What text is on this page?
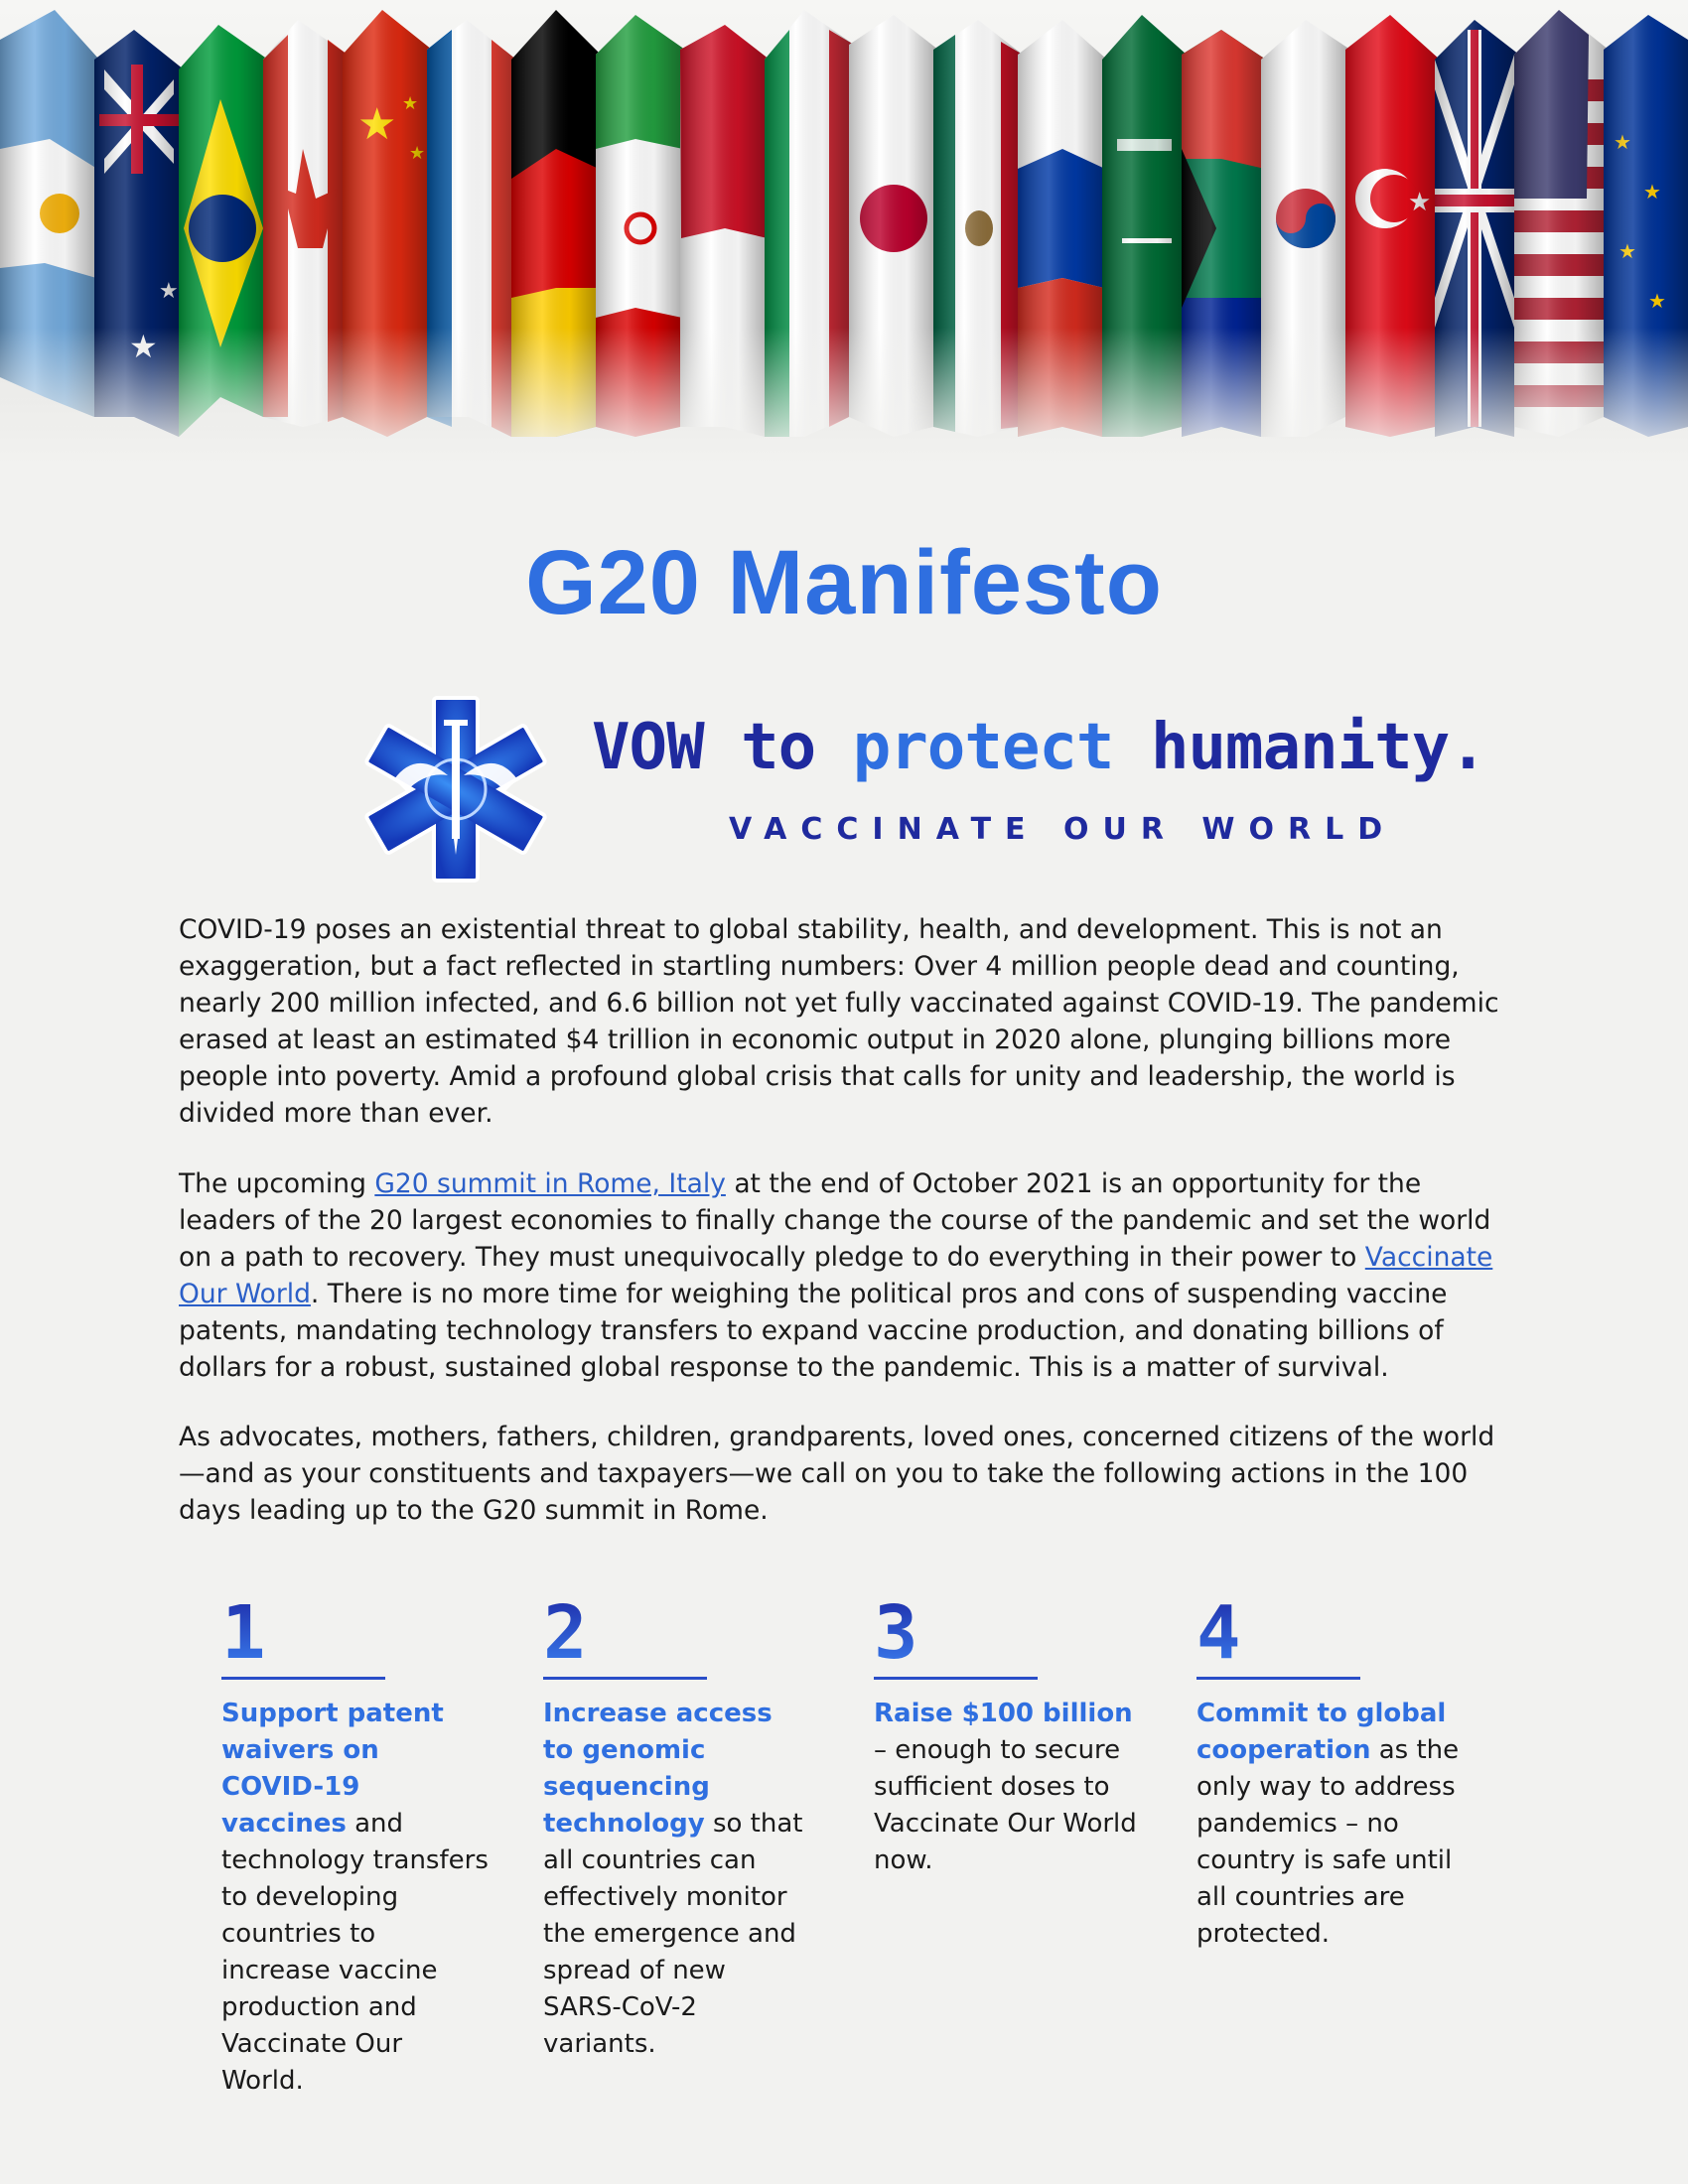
G20 Manifesto
VOW to protect humanity.
VACCINATE OUR WORLD

COVID-19 poses an existential threat to global stability, health, and development. This is not an exaggeration, but a fact reflected in startling numbers: Over 4 million people dead and counting, nearly 200 million infected, and 6.6 billion not yet fully vaccinated against COVID-19. The pandemic erased at least an estimated $4 trillion in economic output in 2020 alone, plunging billions more people into poverty. Amid a profound global crisis that calls for unity and leadership, the world is divided more than ever.

The upcoming G20 summit in Rome, Italy at the end of October 2021 is an opportunity for the leaders of the 20 largest economies to finally change the course of the pandemic and set the world on a path to recovery. They must unequivocally pledge to do everything in their power to Vaccinate Our World. There is no more time for weighing the political pros and cons of suspending vaccine patents, mandating technology transfers to expand vaccine production, and donating billions of dollars for a robust, sustained global response to the pandemic. This is a matter of survival.

As advocates, mothers, fathers, children, grandparents, loved ones, concerned citizens of the world—and as your constituents and taxpayers—we call on you to take the following actions in the 100 days leading up to the G20 summit in Rome.

1

Support patent waivers on COVID-19 vaccines and technology transfers to developing countries to increase vaccine production and Vaccinate Our World.

2

Increase access to genomic sequencing technology so that all countries can effectively monitor the emergence and spread of new SARS-CoV-2 variants.

3

Raise $100 billion – enough to secure sufficient doses to Vaccinate Our World now.

4

Commit to global cooperation as the only way to address pandemics – no country is safe until all countries are protected.
